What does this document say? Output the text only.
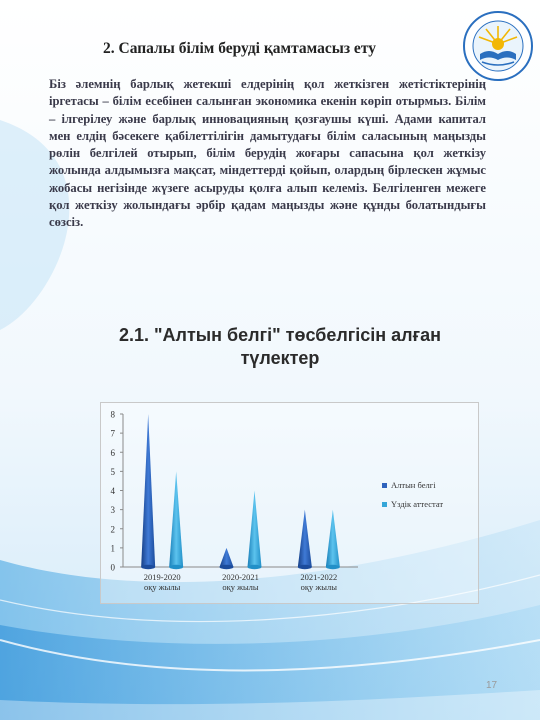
2. Сапалы білім беруді қамтамасыз ету
Біз әлемнің барлық жетекші елдерінің қол жеткізген жетістіктерінің іргетасы – білім есебінен салынған экономика екенін көріп отырмыз. Білім – ілгерілеу және барлық инновацияның қозғаушы күші. Адами капитал мен елдің бәсекеге қабілеттілігін дамытудағы білім саласының маңызды рөлін белгілей отырып, білім берудің жоғары сапасына қол жеткізу жолында алдымызға мақсат, міндеттерді қойып, олардың бірлескен жұмыс жобасы негізінде жүзеге асыруды қолға алып келеміз. Белгіленген межеге қол жеткізу жолындағы әрбір қадам маңызды және құнды болатындығы сөзсіз.
2.1. "Алтын белгі" төсбелгісін алған түлектер
0
1
2
3
4
5
6
7
8
2019-2020
оқу жылы
2020-2021
оқу жылы
2021-2022
оқу жылы
Алтын белгі
Үздік аттестат
17
